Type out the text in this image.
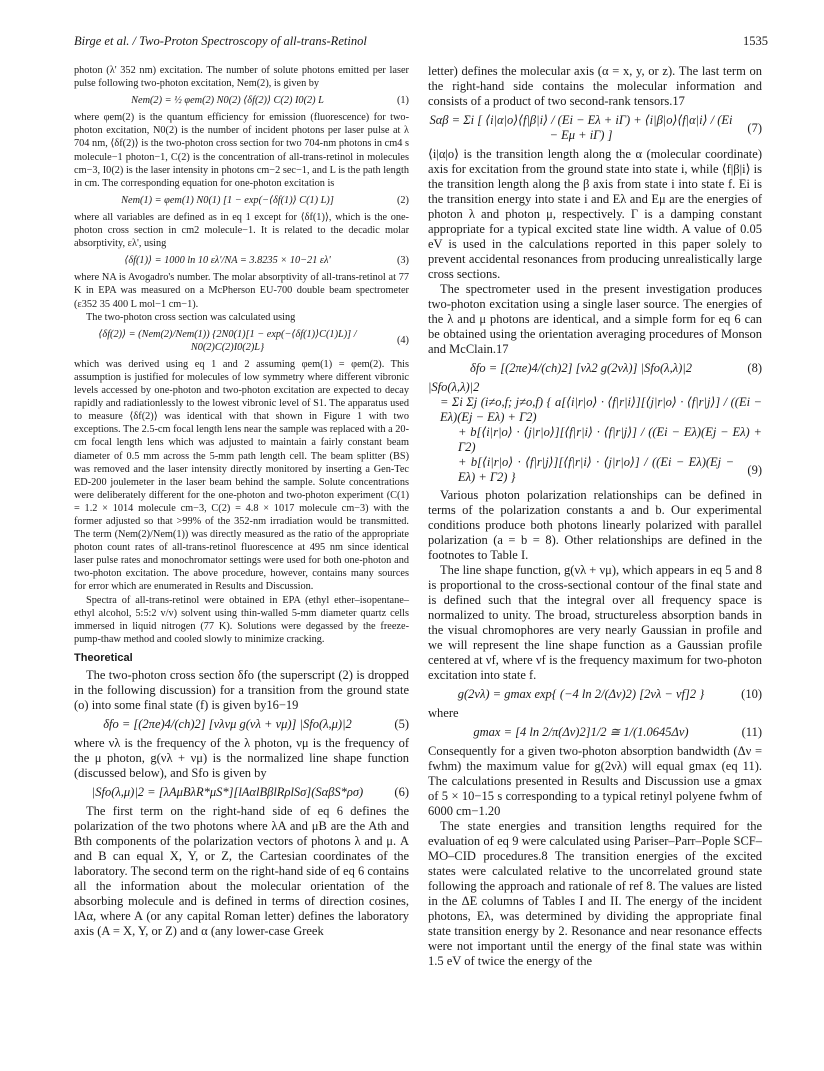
Birge et al. / Two-Proton Spectroscopy of all-trans-Retinol	1535

photon (λ' 352 nm) excitation. The number of solute photons emitted per laser pulse following two-photon excitation, Nem(2), is given by

Nem(2) = ½ φem(2) N0(2) ⟨δf(2)⟩ C(2) I0(2) L	(1)

where φem(2) is the quantum efficiency for emission (fluorescence) for two-photon excitation, N0(2) is the number of incident photons per laser pulse at λ 704 nm, ⟨δf(2)⟩ is the two-photon cross section for two 704-nm photons in cm4 s molecule−1 photon−1, C(2) is the concentration of all-trans-retinol in molecules cm−3, I0(2) is the laser intensity in photons cm−2 sec−1, and L is the path length in cm. The corresponding equation for one-photon excitation is

Nem(1) = φem(1) N0(1) [1 − exp(−⟨δf(1)⟩ C(1) L)]	(2)

where all variables are defined as in eq 1 except for ⟨δf(1)⟩, which is the one-photon cross section in cm2 molecule−1. It is related to the decadic molar absorptivity, ελ', using

⟨δf(1)⟩ = 1000 ln 10 ελ'/NA = 3.8235 × 10−21 ελ'	(3)

where NA is Avogadro's number. The molar absorptivity of all-trans-retinol at 77 K in EPA was measured on a McPherson EU-700 double beam spectrometer (ε352 35 400 L mol−1 cm−1).

The two-photon cross section was calculated using

⟨δf(2)⟩ = (Nem(2)/Nem(1)) {2N0(1)[1 − exp(−⟨δf(1)⟩C(1)L)] / N0(2)C(2)I0(2)L}
(4)

which was derived using eq 1 and 2 assuming φem(1) = φem(2). This assumption is justified for molecules of low symmetry where different vibronic levels accessed by one-photon and two-photon excitation are expected to decay rapidly and radiationlessly to the lowest vibronic level of S1. The apparatus used to measure ⟨δf(2)⟩ was identical with that shown in Figure 1 with two exceptions. The 2.5-cm focal length lens near the sample was replaced with a 20-cm focal length lens which was adjusted to maintain a fairly constant beam diameter of 0.5 mm across the 5-mm path length cell. The beam splitter (BS) was removed and the laser intensity directly monitored by inserting a Gen-Tec ED-200 joulemeter in the laser beam behind the sample. Solute concentrations were deliberately different for the one-photon and two-photon experiment (C(1) = 1.2 × 1014 molecule cm−3, C(2) = 4.8 × 1017 molecule cm−3) with the former adjusted so that >99% of the 352-nm irradiation would be transmitted. The term (Nem(2)/Nem(1)) was directly measured as the ratio of the appropriate photon count rates of all-trans-retinol fluorescence at 495 nm since identical laser pulse rates and monochromator settings were used for both one-photon and two-photon excitation. The above procedure, however, contains many sources for error which are enumerated in Results and Discussion.

Spectra of all-trans-retinol were obtained in EPA (ethyl ether–isopentane–ethyl alcohol, 5:5:2 v/v) solvent using thin-walled 5-mm diameter quartz cells immersed in liquid nitrogen (77 K). Solutions were degassed by the freeze-pump-thaw method and cooled slowly to minimize cracking.

Theoretical

The two-photon cross section δfo (the superscript (2) is dropped in the following discussion) for a transition from the ground state (o) into some final state (f) is given by16−19

δfo = [(2πe)4/(ch)2] [νλνμ g(νλ + νμ)] |Sfo(λ,μ)|2	(5)

where νλ is the frequency of the λ photon, νμ is the frequency of the μ photon, g(νλ + νμ) is the normalized line shape function (discussed below), and Sfo is given by

|Sfo(λ,μ)|2 = [λAμBλR*μS*][lAαlBβlRρlSσ](SαβS*ρσ)	(6)

The first term on the right-hand side of eq 6 defines the polarization of the two photons where λA and μB are the Ath and Bth components of the polarization vectors of photons λ and μ. A and B can equal X, Y, or Z, the Cartesian coordinates of the laboratory. The second term on the right-hand side of eq 6 contains all the information about the molecular orientation of the absorbing molecule and is defined in terms of direction cosines, lAα, where A (or any capital Roman letter) defines the laboratory axis (A = X, Y, or Z) and α (any lower-case Greek

letter) defines the molecular axis (α = x, y, or z). The last term on the right-hand side contains the molecular information and consists of a product of two second-rank tensors.17

Sαβ = Σi [ ⟨i|α|o⟩⟨f|β|i⟩ / (Ei − Eλ + iΓ) + ⟨i|β|o⟩⟨f|α|i⟩ / (Ei − Eμ + iΓ) ]
(7)

⟨i|α|o⟩ is the transition length along the α (molecular coordinate) axis for excitation from the ground state into state i, while ⟨f|β|i⟩ is the transition length along the β axis from state i into state f. Ei is the transition energy into state i and Eλ and Eμ are the energies of photon λ and photon μ, respectively. Γ is a damping constant appropriate for a typical excited state line width. A value of 0.05 eV is used in the calculations reported in this paper solely to prevent accidental resonances from producing unrealistically large cross sections.

The spectrometer used in the present investigation produces two-photon excitation using a single laser source. The energies of the λ and μ photons are identical, and a simple form for eq 6 can be obtained using the orientation averaging procedures of Monson and McClain.17

δfo = [(2πe)4/(ch)2] [νλ2 g(2νλ)] |Sfo(λ,λ)|2	(8)
|Sfo(λ,λ)|2
= Σi Σj (i≠o,f; j≠o,f) { a[⟨i|r|o⟩ · ⟨f|r|i⟩][⟨j|r|o⟩ · ⟨f|r|j⟩] / ((Ei − Eλ)(Ej − Eλ) + Γ2)
+ b[⟨i|r|o⟩ · ⟨j|r|o⟩][⟨f|r|i⟩ · ⟨f|r|j⟩] / ((Ei − Eλ)(Ej − Eλ) + Γ2)
+ b[⟨i|r|o⟩ · ⟨f|r|j⟩][⟨f|r|i⟩ · ⟨j|r|o⟩] / ((Ei − Eλ)(Ej − Eλ) + Γ2) }
(9)

Various photon polarization relationships can be defined in terms of the polarization constants a and b. Our experimental conditions produce both photons linearly polarized with parallel polarization (a = b = 8). Other relationships are defined in the footnotes to Table I.

The line shape function, g(νλ + νμ), which appears in eq 5 and 8 is proportional to the cross-sectional contour of the final state and is defined such that the integral over all frequency space is normalized to unity. The broad, structureless absorption bands in the visual chromophores are very nearly Gaussian in profile and we will represent the line shape function as a Gaussian profile centered at νf, where νf is the frequency maximum for two-photon excitation into state f.

g(2νλ) = gmax exp{ (−4 ln 2/(Δν)2) [2νλ − νf]2 }	(10)

where

gmax = [4 ln 2/π(Δν)2]1/2 ≅ 1/(1.0645Δν)	(11)

Consequently for a given two-photon absorption bandwidth (Δν = fwhm) the maximum value for g(2νλ) will equal gmax (eq 11). The calculations presented in Results and Discussion use a gmax of 5 × 10−15 s corresponding to a typical retinyl polyene fwhm of 6000 cm−1.20

The state energies and transition lengths required for the evaluation of eq 9 were calculated using Pariser–Parr–Pople SCF–MO–CID procedures.8 The transition energies of the excited states were calculated relative to the uncorrelated ground state following the approach and rationale of ref 8. The values are listed in the ΔE columns of Tables I and II. The energy of the incident photons, Eλ, was determined by dividing the appropriate final state transition energy by 2. Resonance and near resonance effects were not important until the energy of the final state was within 1.5 eV of twice the energy of the
